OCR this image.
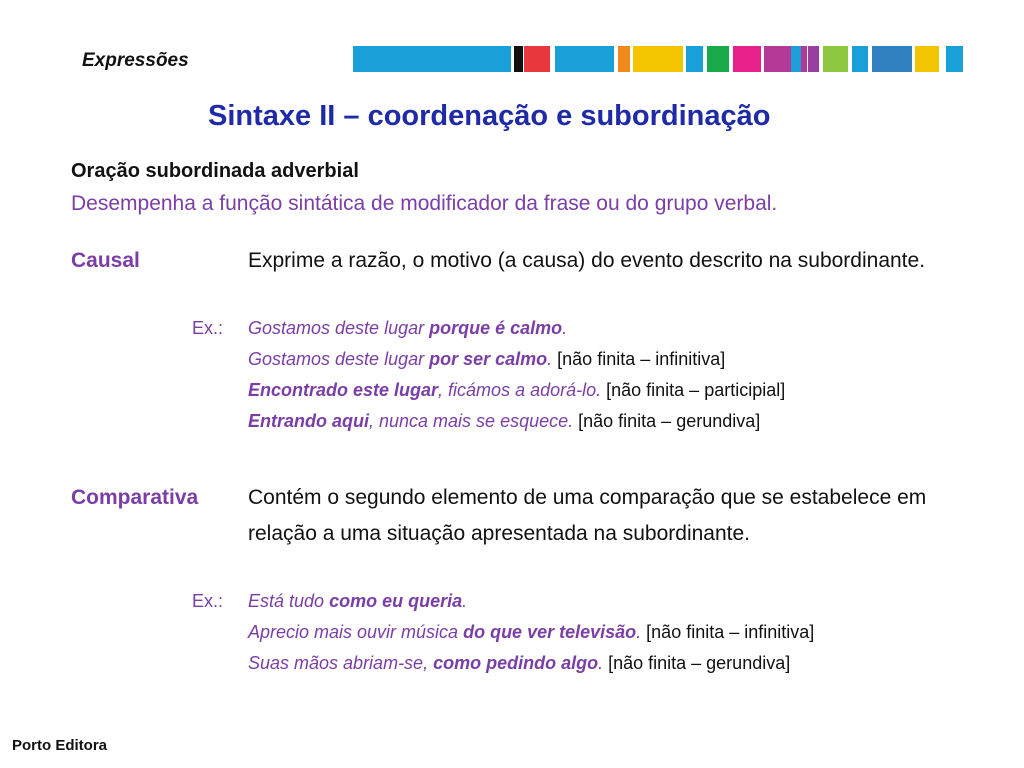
Expressões
Sintaxe II – coordenação e subordinação
Oração subordinada adverbial
Desempenha a função sintática de modificador da frase ou do grupo verbal.
Causal	Exprime a razão, o motivo (a causa) do evento descrito na subordinante.
Ex.: Gostamos deste lugar porque é calmo.
Gostamos deste lugar por ser calmo. [não finita – infinitiva]
Encontrado este lugar, ficámos a adorá-lo. [não finita – participial]
Entrando aqui, nunca mais se esquece. [não finita – gerundiva]
Comparativa Contém o segundo elemento de uma comparação que se estabelece em relação a uma situação apresentada na subordinante.
Ex.: Está tudo como eu queria.
Aprecio mais ouvir música do que ver televisão. [não finita – infinitiva]
Suas mãos abriam-se, como pedindo algo. [não finita – gerundiva]
Porto Editora
